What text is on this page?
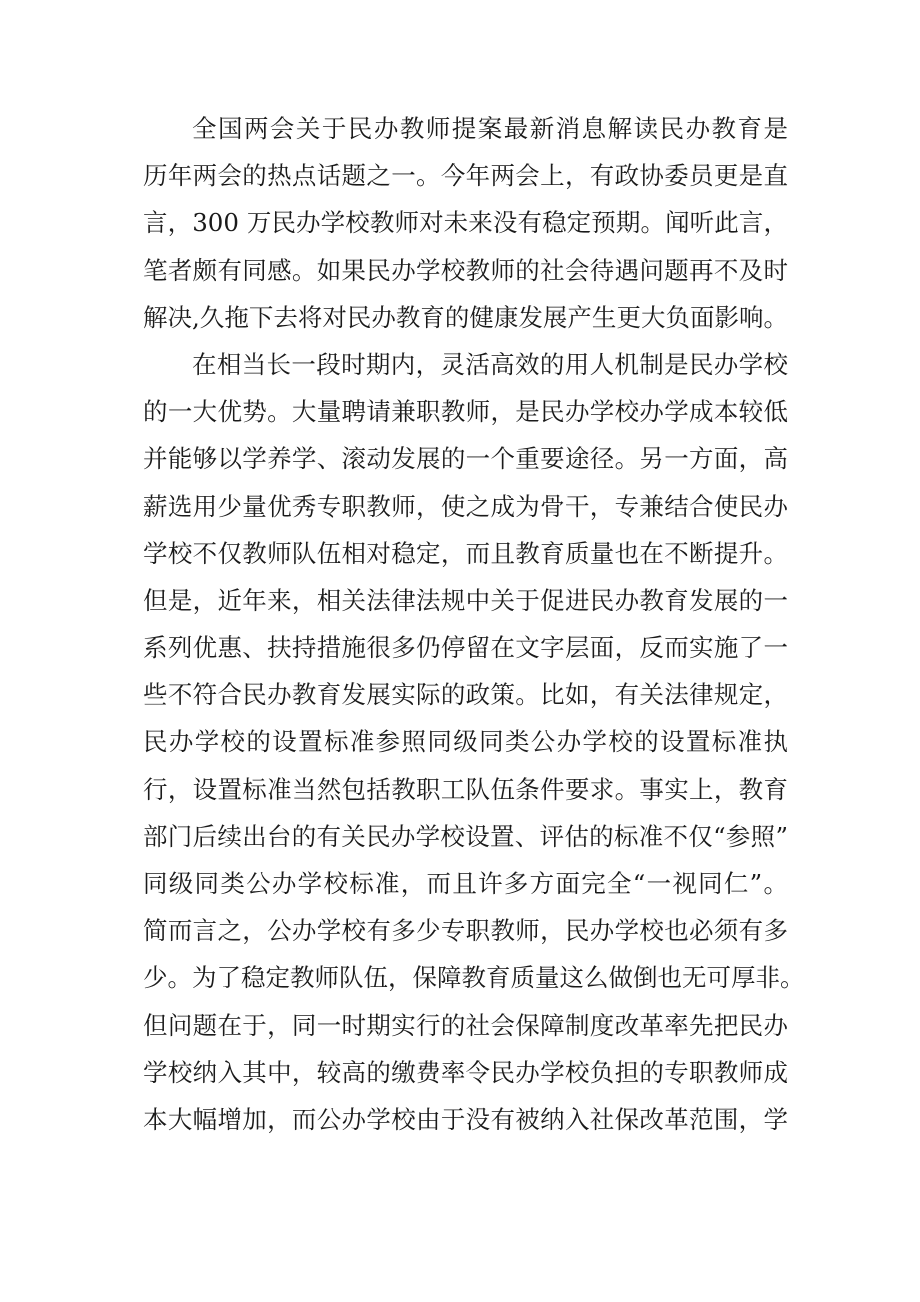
全国两会关于民办教师提案最新消息解读民办教育是
历年两会的热点话题之一。今年两会上，有政协委员更是直
言，300 万民办学校教师对未来没有稳定预期。闻听此言，
笔者颇有同感。如果民办学校教师的社会待遇问题再不及时
解决,久拖下去将对民办教育的健康发展产生更大负面影响。
在相当长一段时期内，灵活高效的用人机制是民办学校
的一大优势。大量聘请兼职教师，是民办学校办学成本较低
并能够以学养学、滚动发展的一个重要途径。另一方面，高
薪选用少量优秀专职教师，使之成为骨干，专兼结合使民办
学校不仅教师队伍相对稳定，而且教育质量也在不断提升。
但是，近年来，相关法律法规中关于促进民办教育发展的一
系列优惠、扶持措施很多仍停留在文字层面，反而实施了一
些不符合民办教育发展实际的政策。比如，有关法律规定，
民办学校的设置标准参照同级同类公办学校的设置标准执
行，设置标准当然包括教职工队伍条件要求。事实上，教育
部门后续出台的有关民办学校设置、评估的标准不仅“参照”
同级同类公办学校标准，而且许多方面完全“一视同仁”。
简而言之，公办学校有多少专职教师，民办学校也必须有多
少。为了稳定教师队伍，保障教育质量这么做倒也无可厚非。
但问题在于，同一时期实行的社会保障制度改革率先把民办
学校纳入其中，较高的缴费率令民办学校负担的专职教师成
本大幅增加，而公办学校由于没有被纳入社保改革范围，学
